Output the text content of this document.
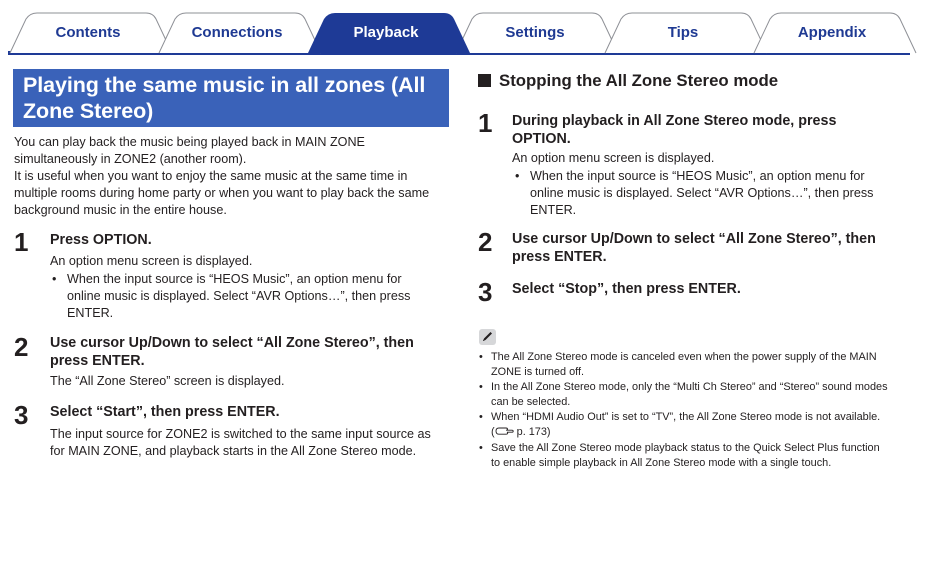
Contents	Connections	Playback	Settings	Tips	Appendix
Playing the same music in all zones (All
Zone Stereo)
You can play back the music being played back in MAIN ZONE
simultaneously in ZONE2 (another room).
It is useful when you want to enjoy the same music at the same time in
multiple rooms during home party or when you want to play back the same
background music in the entire house.
1 Press OPTION.
An option menu screen is displayed.
• When the input source is “HEOS Music”, an option menu for
online music is displayed. Select “AVR Options…”, then press
ENTER.
2 Use cursor Up/Down to select “All Zone Stereo”, then
press ENTER.
The “All Zone Stereo” screen is displayed.
3 Select “Start”, then press ENTER.
The input source for ZONE2 is switched to the same input source as
for MAIN ZONE, and playback starts in the All Zone Stereo mode.
Stopping the All Zone Stereo mode
1 During playback in All Zone Stereo mode, press
OPTION.
An option menu screen is displayed.
• When the input source is “HEOS Music”, an option menu for
online music is displayed. Select “AVR Options…”, then press
ENTER.
2 Use cursor Up/Down to select “All Zone Stereo”, then
press ENTER.
3 Select “Stop”, then press ENTER.
• The All Zone Stereo mode is canceled even when the power supply of the MAIN
ZONE is turned off.
• In the All Zone Stereo mode, only the “Multi Ch Stereo” and “Stereo” sound modes
can be selected.
• When “HDMI Audio Out” is set to “TV”, the All Zone Stereo mode is not available.
( p. 173)
• Save the All Zone Stereo mode playback status to the Quick Select Plus function
to enable simple playback in All Zone Stereo mode with a single touch.
